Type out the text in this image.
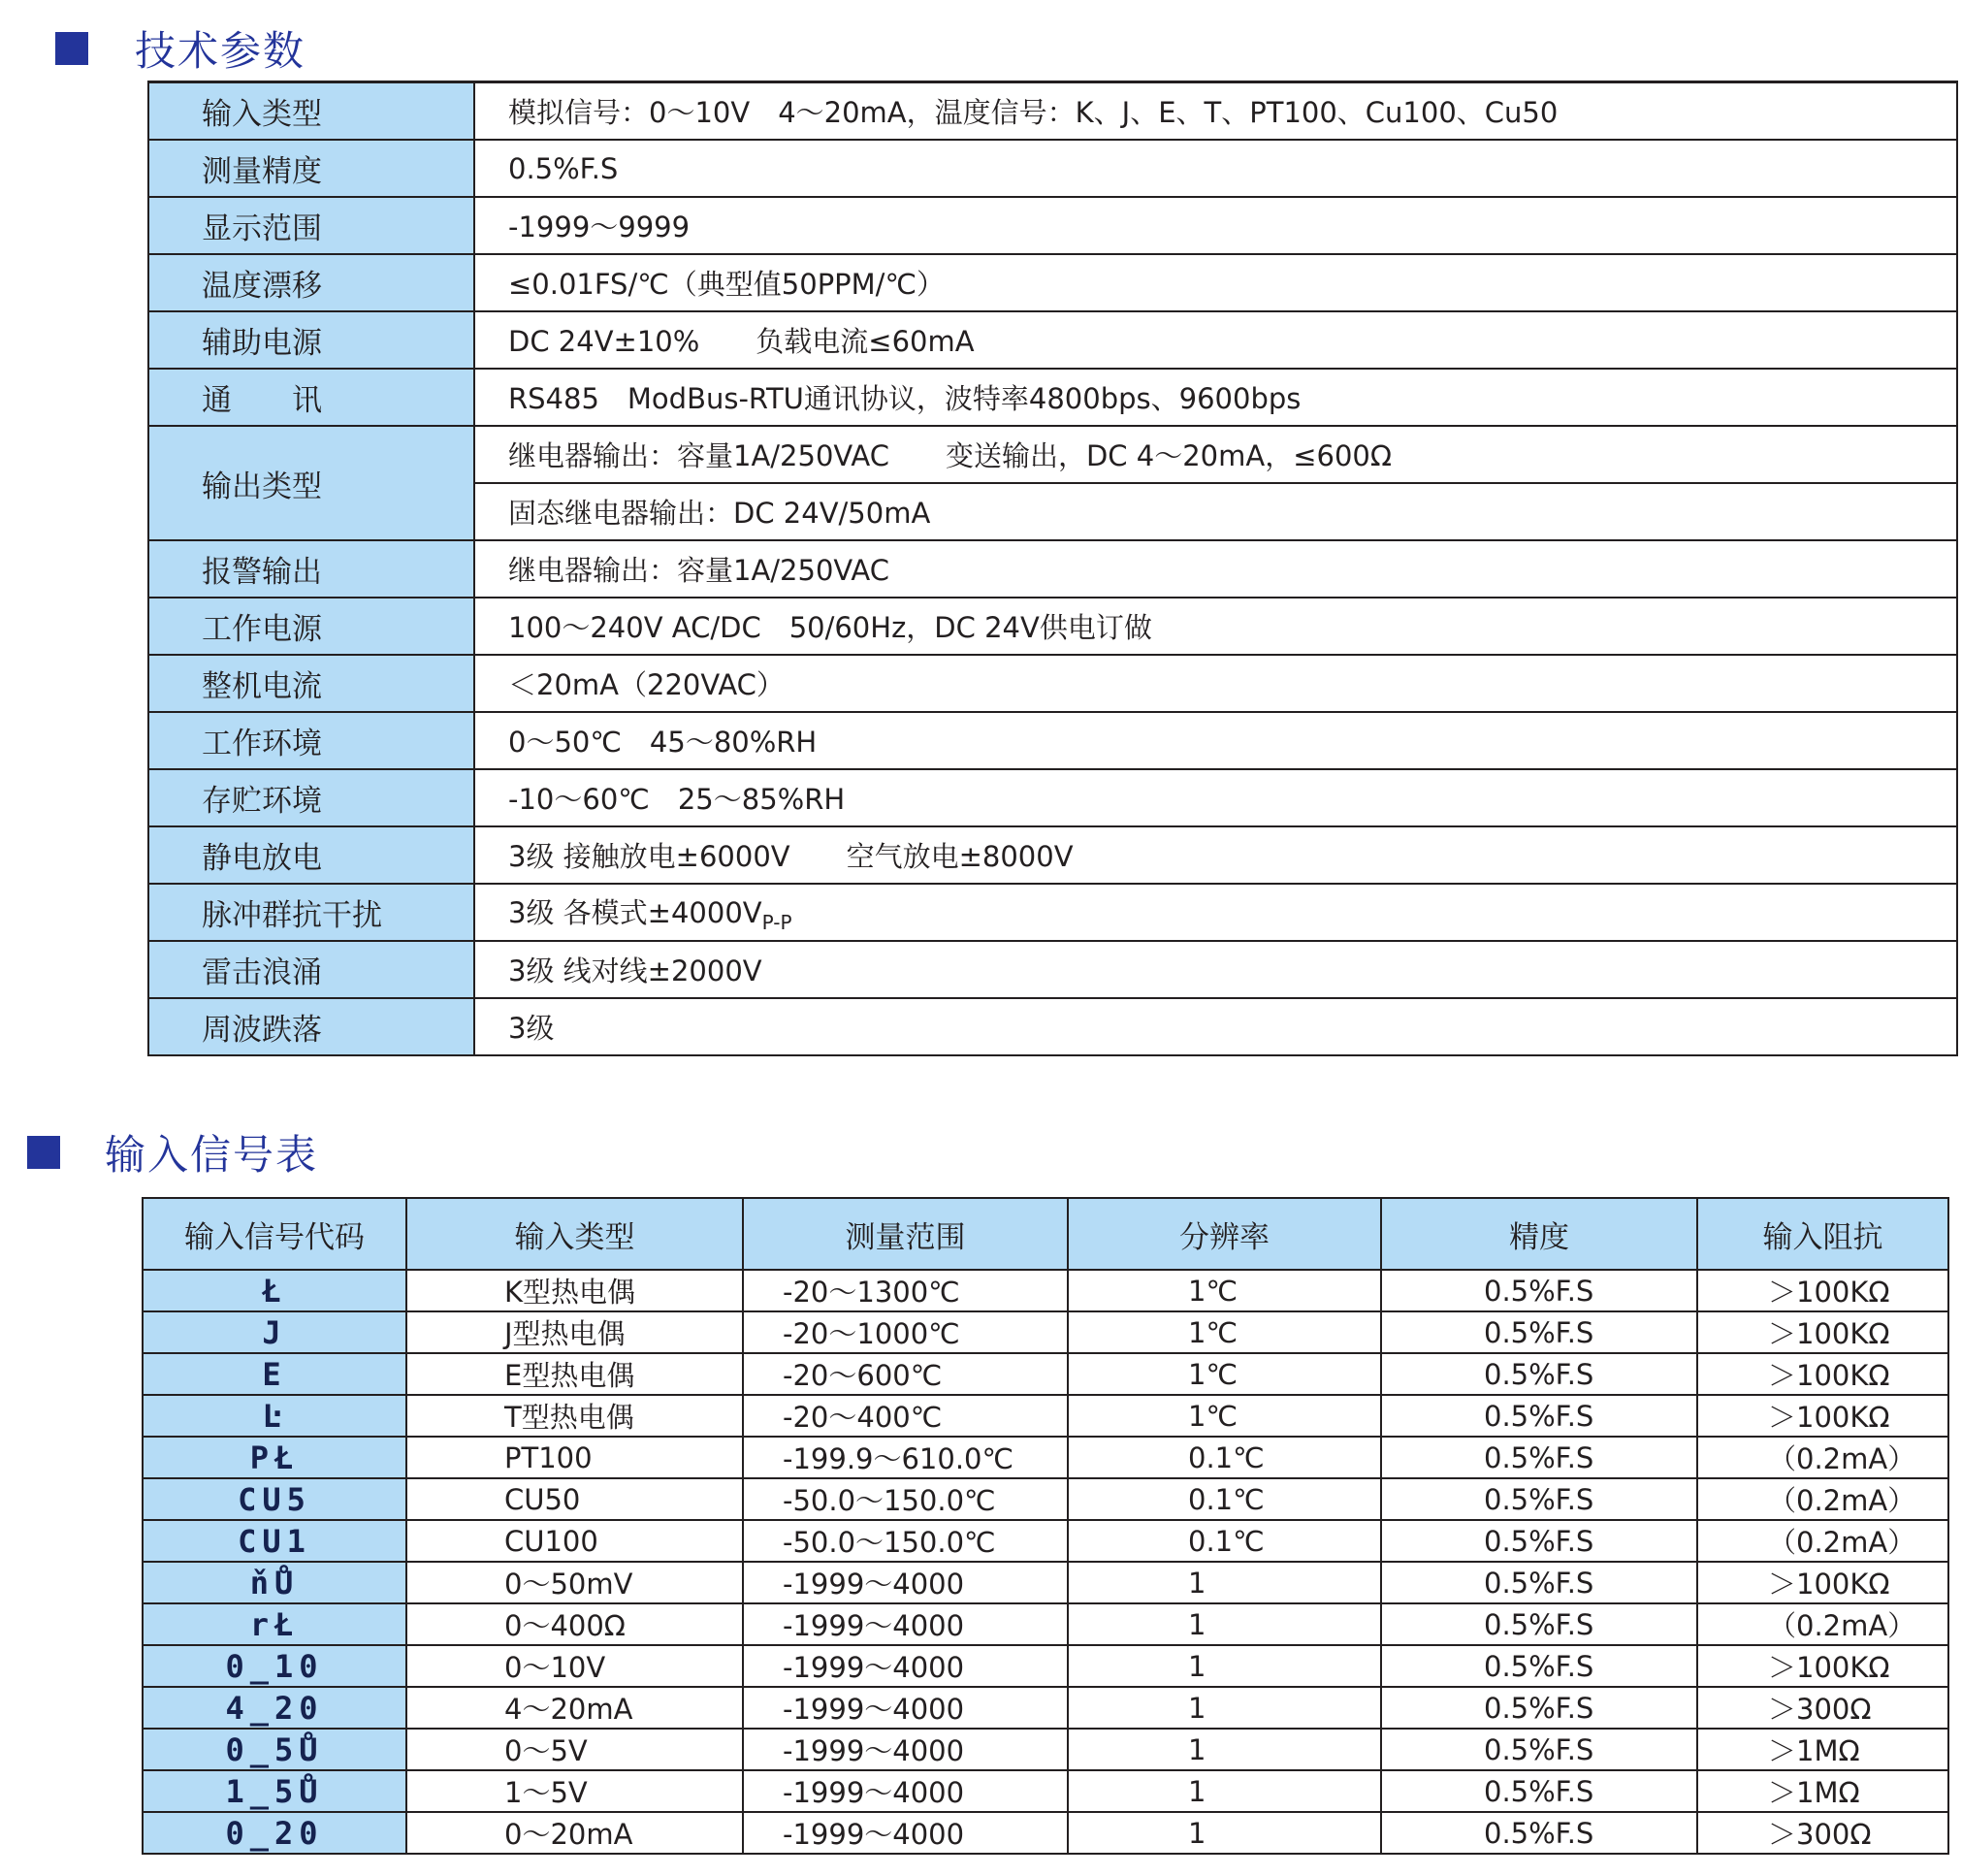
技术参数
输入类型	模拟信号：0～10V　4～20mA，温度信号：K、J、E、T、PT100、Cu100、Cu50
测量精度	0.5%F.S
显示范围	-1999～9999
温度漂移	≤0.01FS/℃（典型值50PPM/℃）
辅助电源	DC 24V±10%　　负载电流≤60mA
通　　讯	RS485　ModBus-RTU通讯协议，波特率4800bps、9600bps
输出类型	继电器输出：容量1A/250VAC　　变送输出，DC 4～20mA，≤600Ω
	固态继电器输出：DC 24V/50mA
报警输出	继电器输出：容量1A/250VAC
工作电源	100～240V AC/DC　50/60Hz，DC 24V供电订做
整机电流	＜20mA（220VAC）
工作环境	0～50℃　45～80%RH
存贮环境	-10～60℃　25～85%RH
静电放电	3级 接触放电±6000V　　空气放电±8000V
脉冲群抗干扰	3级 各模式$\pm 4000V_{P-P}$
雷击浪涌	3级 线对线±2000V
周波跌落	3级
输入信号表
输入信号代码	输入类型	测量范围	分辨率	精度	输入阻抗
Ł	K型热电偶	-20～1300℃	1℃	0.5%F.S	＞100KΩ
J	J型热电偶	-20～1000℃	1℃	0.5%F.S	＞100KΩ
E	E型热电偶	-20～600℃	1℃	0.5%F.S	＞100KΩ
Ŀ	T型热电偶	-20～400℃	1℃	0.5%F.S	＞100KΩ
PŁ	PT100	-199.9～610.0℃	0.1℃	0.5%F.S	（0.2mA）
CU5	CU50	-50.0～150.0℃	0.1℃	0.5%F.S	（0.2mA）
CU1	CU100	-50.0～150.0℃	0.1℃	0.5%F.S	（0.2mA）
ňŮ	0～50mV	-1999～4000	1	0.5%F.S	＞100KΩ
rŁ	0～400Ω	-1999～4000	1	0.5%F.S	（0.2mA）
0_10	0～10V	-1999～4000	1	0.5%F.S	＞100KΩ
4_20	4～20mA	-1999～4000	1	0.5%F.S	＞300Ω
0_5Ů	0～5V	-1999～4000	1	0.5%F.S	＞1MΩ
1_5Ů	1～5V	-1999～4000	1	0.5%F.S	＞1MΩ
0_20	0～20mA	-1999～4000	1	0.5%F.S	＞300Ω
